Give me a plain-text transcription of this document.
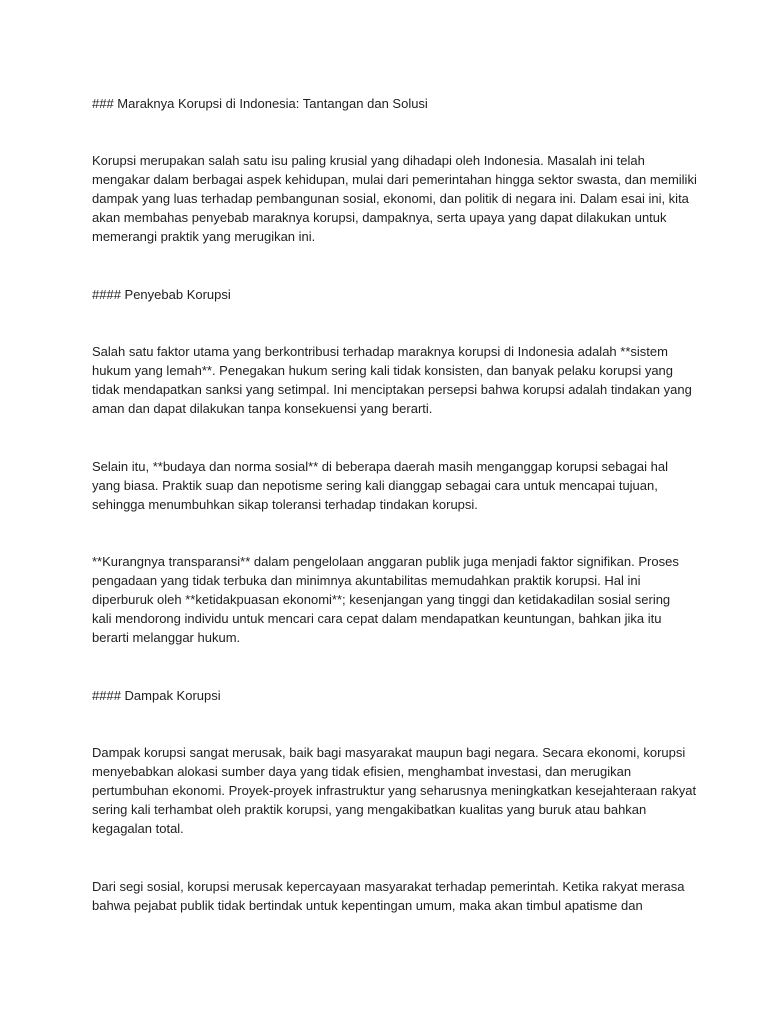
### Maraknya Korupsi di Indonesia: Tantangan dan Solusi
Korupsi merupakan salah satu isu paling krusial yang dihadapi oleh Indonesia. Masalah ini telah
mengakar dalam berbagai aspek kehidupan, mulai dari pemerintahan hingga sektor swasta, dan memiliki
dampak yang luas terhadap pembangunan sosial, ekonomi, dan politik di negara ini. Dalam esai ini, kita
akan membahas penyebab maraknya korupsi, dampaknya, serta upaya yang dapat dilakukan untuk
memerangi praktik yang merugikan ini.
#### Penyebab Korupsi
Salah satu faktor utama yang berkontribusi terhadap maraknya korupsi di Indonesia adalah **sistem
hukum yang lemah**. Penegakan hukum sering kali tidak konsisten, dan banyak pelaku korupsi yang
tidak mendapatkan sanksi yang setimpal. Ini menciptakan persepsi bahwa korupsi adalah tindakan yang
aman dan dapat dilakukan tanpa konsekuensi yang berarti.
Selain itu, **budaya dan norma sosial** di beberapa daerah masih menganggap korupsi sebagai hal
yang biasa. Praktik suap dan nepotisme sering kali dianggap sebagai cara untuk mencapai tujuan,
sehingga menumbuhkan sikap toleransi terhadap tindakan korupsi.
**Kurangnya transparansi** dalam pengelolaan anggaran publik juga menjadi faktor signifikan. Proses
pengadaan yang tidak terbuka dan minimnya akuntabilitas memudahkan praktik korupsi. Hal ini
diperburuk oleh **ketidakpuasan ekonomi**; kesenjangan yang tinggi dan ketidakadilan sosial sering
kali mendorong individu untuk mencari cara cepat dalam mendapatkan keuntungan, bahkan jika itu
berarti melanggar hukum.
#### Dampak Korupsi
Dampak korupsi sangat merusak, baik bagi masyarakat maupun bagi negara. Secara ekonomi, korupsi
menyebabkan alokasi sumber daya yang tidak efisien, menghambat investasi, dan merugikan
pertumbuhan ekonomi. Proyek-proyek infrastruktur yang seharusnya meningkatkan kesejahteraan rakyat
sering kali terhambat oleh praktik korupsi, yang mengakibatkan kualitas yang buruk atau bahkan
kegagalan total.
Dari segi sosial, korupsi merusak kepercayaan masyarakat terhadap pemerintah. Ketika rakyat merasa
bahwa pejabat publik tidak bertindak untuk kepentingan umum, maka akan timbul apatisme dan
